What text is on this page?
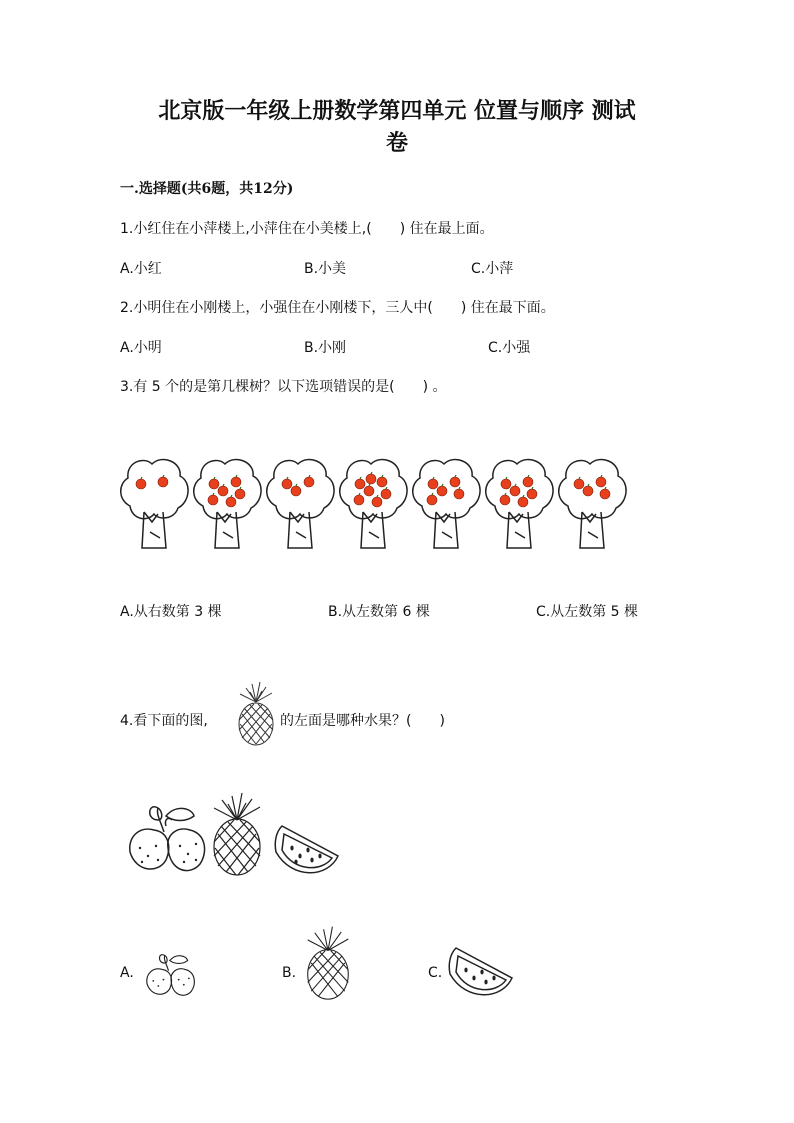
北京版一年级上册数学第四单元 位置与顺序 测试
卷
一.选择题(共6题，共12分)
1.小红住在小萍楼上,小萍住在小美楼上,(　　) 住在最上面。
A.小红	B.小美	C.小萍
2.小明住在小刚楼上，小强住在小刚楼下，三人中(　　) 住在最下面。
A.小明	B.小刚	C.小强
3.有 5 个的是第几棵树？以下选项错误的是(　　) 。
A.从右数第 3 棵	B.从左数第 6 棵	C.从左数第 5 棵
4.看下面的图,	的左面是哪种水果？(　　)
A.	B.	C.
